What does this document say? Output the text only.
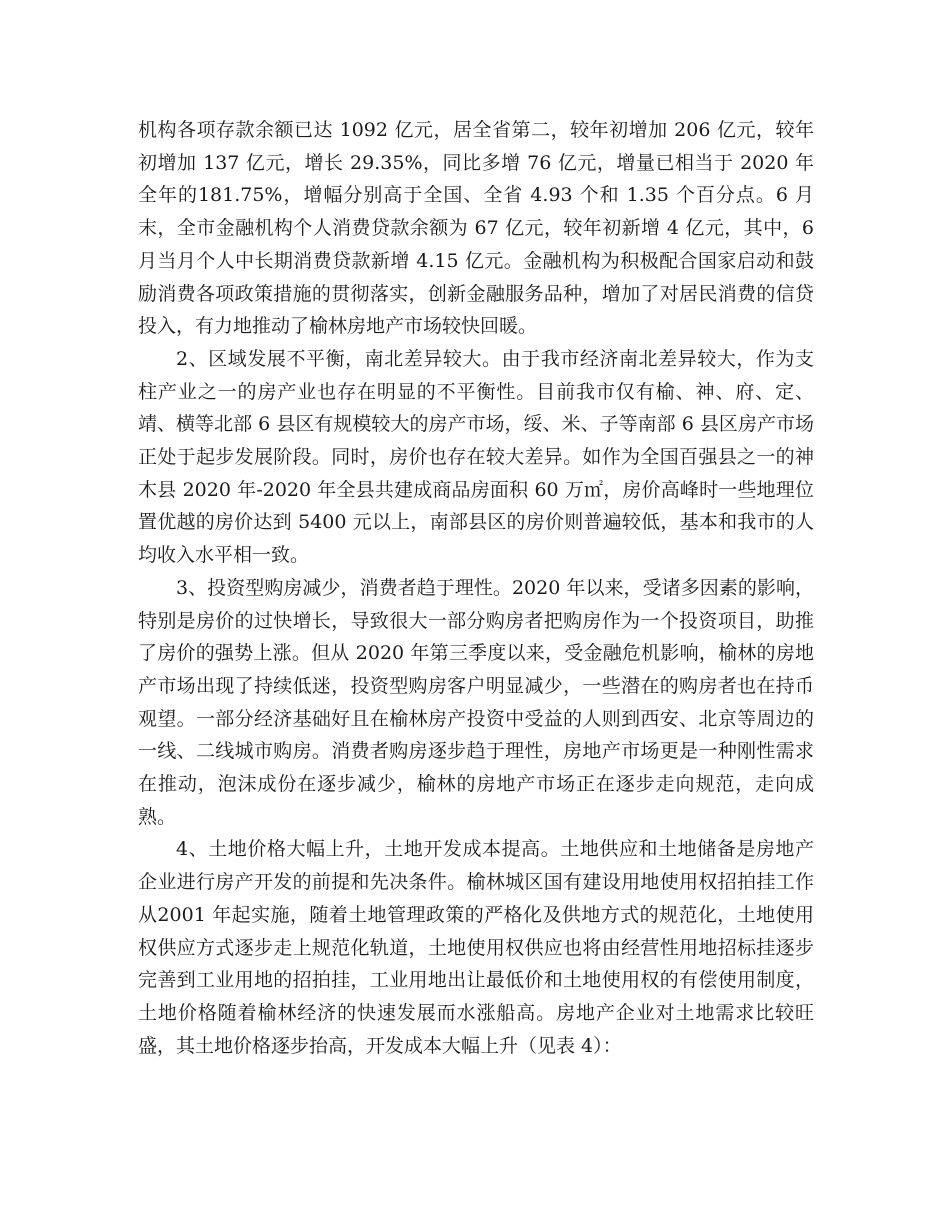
机构各项存款余额已达 1092 亿元，居全省第二，较年初增加 206 亿元，较年初增加 137 亿元，增长 29.35%，同比多增 76 亿元，增量已相当于 2020 年全年的181.75%，增幅分别高于全国、全省 4.93 个和 1.35 个百分点。6 月末，全市金融机构个人消费贷款余额为 67 亿元，较年初新增 4 亿元，其中，6 月当月个人中长期消费贷款新增 4.15 亿元。金融机构为积极配合国家启动和鼓励消费各项政策措施的贯彻落实，创新金融服务品种，增加了对居民消费的信贷投入，有力地推动了榆林房地产市场较快回暖。

2、区域发展不平衡，南北差异较大。由于我市经济南北差异较大，作为支柱产业之一的房产业也存在明显的不平衡性。目前我市仅有榆、神、府、定、靖、横等北部 6 县区有规模较大的房产市场，绥、米、子等南部 6 县区房产市场正处于起步发展阶段。同时，房价也存在较大差异。如作为全国百强县之一的神木县 2020 年-2020 年全县共建成商品房面积 60 万㎡，房价高峰时一些地理位置优越的房价达到 5400 元以上，南部县区的房价则普遍较低，基本和我市的人均收入水平相一致。

3、投资型购房减少，消费者趋于理性。2020 年以来，受诸多因素的影响，特别是房价的过快增长，导致很大一部分购房者把购房作为一个投资项目，助推了房价的强势上涨。但从 2020 年第三季度以来，受金融危机影响，榆林的房地产市场出现了持续低迷，投资型购房客户明显减少，一些潜在的购房者也在持币观望。一部分经济基础好且在榆林房产投资中受益的人则到西安、北京等周边的一线、二线城市购房。消费者购房逐步趋于理性，房地产市场更是一种刚性需求在推动，泡沫成份在逐步减少，榆林的房地产市场正在逐步走向规范，走向成熟。

4、土地价格大幅上升，土地开发成本提高。土地供应和土地储备是房地产企业进行房产开发的前提和先决条件。榆林城区国有建设用地使用权招拍挂工作从2001 年起实施，随着土地管理政策的严格化及供地方式的规范化，土地使用权供应方式逐步走上规范化轨道，土地使用权供应也将由经营性用地招标挂逐步完善到工业用地的招拍挂，工业用地出让最低价和土地使用权的有偿使用制度，土地价格随着榆林经济的快速发展而水涨船高。房地产企业对土地需求比较旺盛，其土地价格逐步抬高，开发成本大幅上升（见表 4）：
